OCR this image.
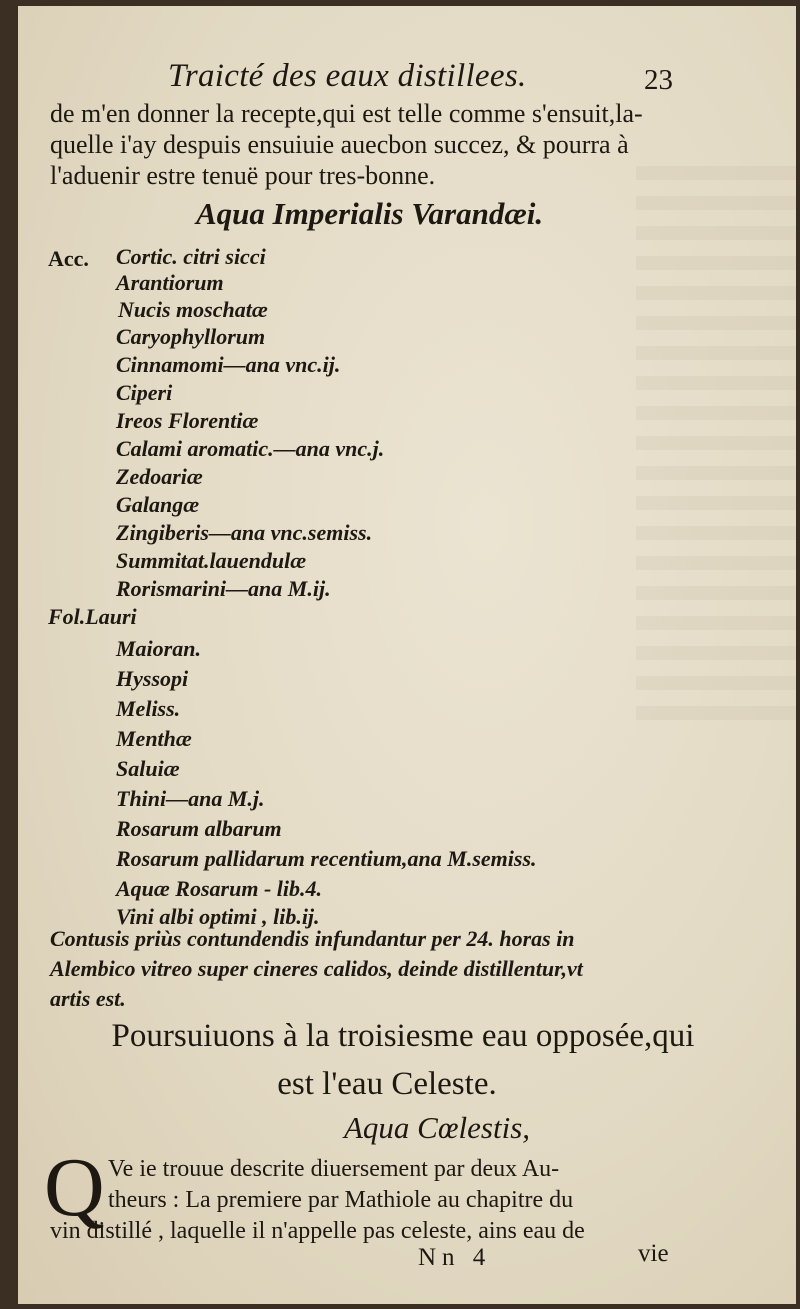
Traicté des eaux distillees.	23
de m'en donner la recepte,qui est telle comme s'ensuit,la-
quelle i'ay despuis ensuiuie auecbon succez, & pourra à
l'aduenir estre tenuë pour tres-bonne.
Aqua Imperialis Varandæi.
Acc. Cortic. citri sicci
Arantiorum
Nucis moschatæ
Caryophyllorum
Cinnamomi—ana vnc.ij.
Ciperi
Ireos Florentiæ
Calami aromatic.—ana vnc.j.
Zedoariæ
Galangæ
Zingiberis—ana vnc.semiss.
Summitat.lauendulæ
Rorismarini—ana M.ij.
Fol.Lauri
Maioran.
Hyssopi
Meliss.
Menthæ
Saluiæ
Thini—ana M.j.
Rosarum albarum
Rosarum pallidarum recentium,ana M.semiss.
Aquæ Rosarum - lib.4.
Vini albi optimi , lib.ij.
Contusis priùs contundendis infundantur per 24. horas in
Alembico vitreo super cineres calidos, deinde distillentur,vt
artis est.
Poursuiuons à la troisiesme eau opposée,qui
est l'eau Celeste.
Aqua Cœlestis,
Q Ve ie trouue descrite diuersement par deux Au-
theurs : La premiere par Mathiole au chapitre du
vin distillé , laquelle il n'appelle pas celeste, ains eau de
Nn 4	vie
